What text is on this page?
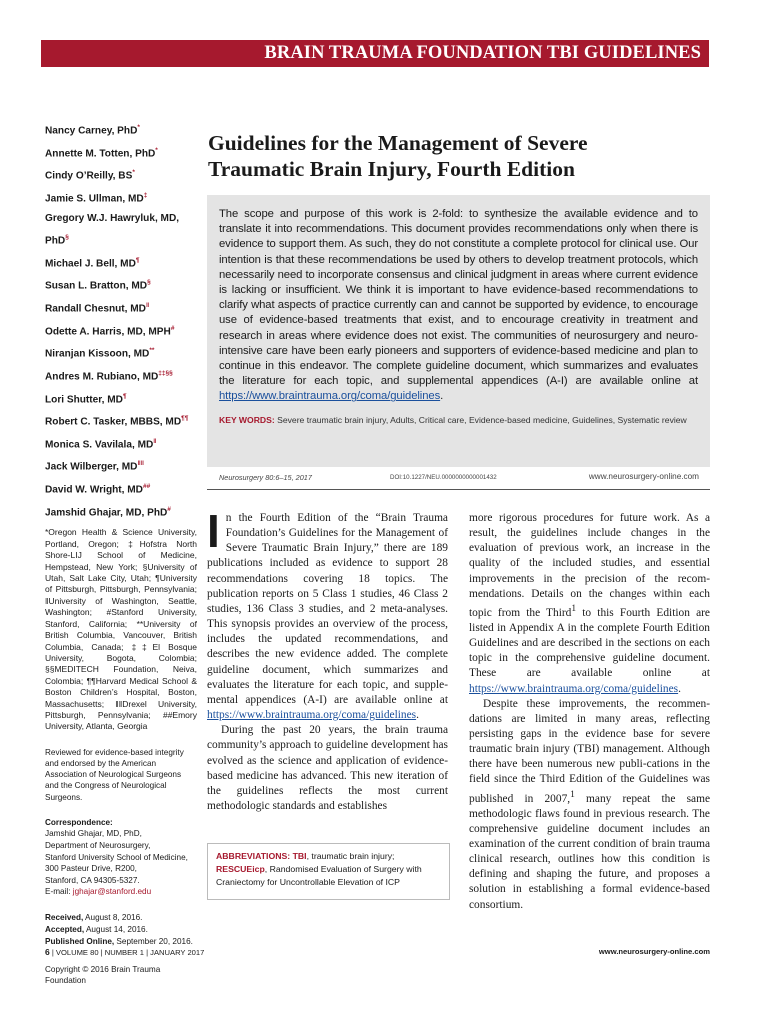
BRAIN TRAUMA FOUNDATION TBI GUIDELINES
Nancy Carney, PhD*
Annette M. Totten, PhD*
Cindy O’Reilly, BS*
Jamie S. Ullman, MD‡
Gregory W.J. Hawryluk, MD,
PhD§
Michael J. Bell, MD¶
Susan L. Bratton, MD§
Randall Chesnut, MD‖
Odette A. Harris, MD, MPH#
Niranjan Kissoon, MD**
Andres M. Rubiano, MD‡‡§§
Lori Shutter, MD¶
Robert C. Tasker, MBBS, MD¶¶
Monica S. Vavilala, MD‖
Jack Wilberger, MD‖‖
David W. Wright, MD##
Jamshid Ghajar, MD, PhD#

*Oregon Health & Science University, Portland, Oregon; ‡Hofstra North Shore-LIJ School of Medicine, Hempstead, New York; §University of Utah, Salt Lake City, Utah; ¶University of Pittsburgh, Pittsburgh, Pennsylvania; ‖University of Washington, Seattle, Washington; #Stanford University, Stanford, California; **University of British Columbia, Vancouver, British Columbia, Canada; ‡‡El Bosque University, Bogota, Colombia; §§MEDITECH Foundation, Neiva, Colombia; ¶¶Harvard Medical School & Boston Children’s Hospital, Boston, Massachusetts; ‖‖Drexel University, Pittsburgh, Pennsylvania; ##Emory University, Atlanta, Georgia

Reviewed for evidence-based integrity and endorsed by the American Association of Neurological Surgeons and the Congress of Neurological Surgeons.

Correspondence:
Jamshid Ghajar, MD, PhD,
Department of Neurosurgery,
Stanford University School of Medicine,
300 Pasteur Drive, R200,
Stanford, CA 94305-5327.
E-mail: jghajar@stanford.edu
Received, August 8, 2016.
Accepted, August 14, 2016.
Published Online, September 20, 2016.

Copyright © 2016 Brain Trauma Foundation

Guidelines for the Management of Severe
Traumatic Brain Injury, Fourth Edition

The scope and purpose of this work is 2-fold: to synthesize the available evidence and to translate it into recommendations. This document provides recommendations only when there is evidence to support them. As such, they do not constitute a complete protocol for clinical use. Our intention is that these recommendations be used by others to develop treatment protocols, which necessarily need to incorporate consensus and clinical judgment in areas where current evidence is lacking or insufficient. We think it is important to have evidence-based recommendations to clarify what aspects of practice currently can and cannot be supported by evidence, to encourage use of evidence-based treatments that exist, and to encourage creativity in treatment and research in areas where evidence does not exist. The communities of neurosurgery and neuro-intensive care have been early pioneers and supporters of evidence-based medicine and plan to continue in this endeavor. The complete guideline document, which summarizes and evaluates the literature for each topic, and supplemental appendices (A-I) are available online at https://www.braintrauma.org/coma/guidelines.

KEY WORDS: Severe traumatic brain injury, Adults, Critical care, Evidence-based medicine, Guidelines, Systematic review

Neurosurgery 80:6–15, 2017	DOI:10.1227/NEU.0000000000001432	www.neurosurgery-online.com

In the Fourth Edition of the “Brain Trauma Foundation’s Guidelines for the Management of Severe Traumatic Brain Injury,” there are 189 publications included as evidence to support 28 recommendations covering 18 topics. The publication reports on 5 Class 1 studies, 46 Class 2 studies, 136 Class 3 studies, and 2 meta-analyses. This synopsis provides an overview of the process, includes the updated recommendations, and describes the new evidence added. The complete guideline document, which summarizes and evaluates the literature for each topic, and supple-mental appendices (A-I) are available online at https://www.braintrauma.org/coma/guidelines.

During the past 20 years, the brain trauma community’s approach to guideline development has evolved as the science and application of evidence-based medicine has advanced. This new iteration of the guidelines reflects the most current methodologic standards and establishes

ABBREVIATIONS: TBI, traumatic brain injury; RESCUEicp, Randomised Evaluation of Surgery with Craniectomy for Uncontrollable Elevation of ICP

more rigorous procedures for future work. As a result, the guidelines include changes in the evaluation of previous work, an increase in the quality of the included studies, and essential improvements in the precision of the recom-mendations. Details on the changes within each topic from the Third$^1$ to this Fourth Edition are listed in Appendix A in the complete Fourth Edition Guidelines and are described in the sections on each topic in the comprehensive guideline document. These are available online at https://www.braintrauma.org/coma/guidelines.

Despite these improvements, the recommen-dations are limited in many areas, reflecting persisting gaps in the evidence base for severe traumatic brain injury (TBI) management. Although there have been numerous new publi-cations in the field since the Third Edition of the Guidelines was published in 2007,$^1$ many repeat the same methodologic flaws found in previous research. The comprehensive guideline document includes an examination of the current condition of brain trauma clinical research, outlines how this condition is defining and shaping the future, and proposes a solution in establishing a formal evidence-based consortium.

6 | VOLUME 80 | NUMBER 1 | JANUARY 2017	www.neurosurgery-online.com
